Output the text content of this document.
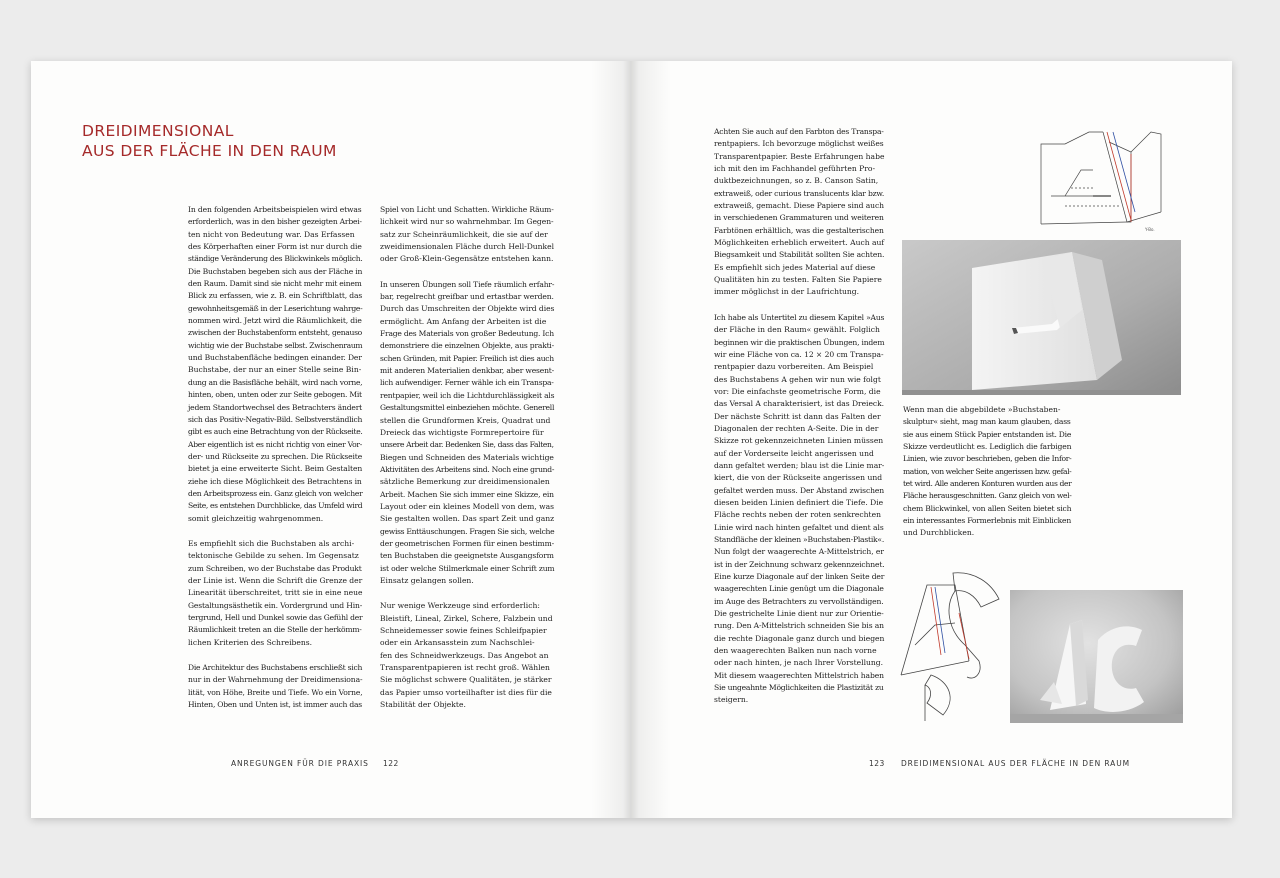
DREIDIMENSIONAL
AUS DER FLÄCHE IN DEN RAUM

In den folgenden Arbeitsbeispielen wird etwas
erforderlich, was in den bisher gezeigten Arbei-
ten nicht von Bedeutung war. Das Erfassen
des Körperhaften einer Form ist nur durch die
ständige Veränderung des Blickwinkels möglich.
Die Buchstaben begeben sich aus der Fläche in
den Raum. Damit sind sie nicht mehr mit einem
Blick zu erfassen, wie z. B. ein Schriftblatt, das
gewohnheitsgemäß in der Leserichtung wahrge-
nommen wird. Jetzt wird die Räumlichkeit, die
zwischen der Buchstabenform entsteht, genauso
wichtig wie der Buchstabe selbst. Zwischenraum
und Buchstabenfläche bedingen einander. Der
Buchstabe, der nur an einer Stelle seine Bin-
dung an die Basisfläche behält, wird nach vorne,
hinten, oben, unten oder zur Seite gebogen. Mit
jedem Standortwechsel des Betrachters ändert
sich das Positiv-Negativ-Bild. Selbstverständlich
gibt es auch eine Betrachtung von der Rückseite.
Aber eigentlich ist es nicht richtig von einer Vor-
der- und Rückseite zu sprechen. Die Rückseite
bietet ja eine erweiterte Sicht. Beim Gestalten
ziehe ich diese Möglichkeit des Betrachtens in
den Arbeitsprozess ein. Ganz gleich von welcher
Seite, es entstehen Durchblicke, das Umfeld wird
somit gleichzeitig wahrgenommen.

Es empfiehlt sich die Buchstaben als archi-
tektonische Gebilde zu sehen. Im Gegensatz
zum Schreiben, wo der Buchstabe das Produkt
der Linie ist. Wenn die Schrift die Grenze der
Linearität überschreitet, tritt sie in eine neue
Gestaltungsästhetik ein. Vordergrund und Hin-
tergrund, Hell und Dunkel sowie das Gefühl der
Räumlichkeit treten an die Stelle der herkömm-
lichen Kriterien des Schreibens.

Die Architektur des Buchstabens erschließt sich
nur in der Wahrnehmung der Dreidimensiona-
lität, von Höhe, Breite und Tiefe. Wo ein Vorne,
Hinten, Oben und Unten ist, ist immer auch das

Spiel von Licht und Schatten. Wirkliche Räum-
lichkeit wird nur so wahrnehmbar. Im Gegen-
satz zur Scheinräumlichkeit, die sie auf der
zweidimensionalen Fläche durch Hell-Dunkel
oder Groß-Klein-Gegensätze entstehen kann.

In unseren Übungen soll Tiefe räumlich erfahr-
bar, regelrecht greifbar und ertastbar werden.
Durch das Umschreiten der Objekte wird dies
ermöglicht. Am Anfang der Arbeiten ist die
Frage des Materials von großer Bedeutung. Ich
demonstriere die einzelnen Objekte, aus prakti-
schen Gründen, mit Papier. Freilich ist dies auch
mit anderen Materialien denkbar, aber wesent-
lich aufwendiger. Ferner wähle ich ein Transpa-
rentpapier, weil ich die Lichtdurchlässigkeit als
Gestaltungsmittel einbeziehen möchte. Generell
stellen die Grundformen Kreis, Quadrat und
Dreieck das wichtigste Formrepertoire für
unsere Arbeit dar. Bedenken Sie, dass das Falten,
Biegen und Schneiden des Materials wichtige
Aktivitäten des Arbeitens sind. Noch eine grund-
sätzliche Bemerkung zur dreidimensionalen
Arbeit. Machen Sie sich immer eine Skizze, ein
Layout oder ein kleines Modell von dem, was
Sie gestalten wollen. Das spart Zeit und ganz
gewiss Enttäuschungen. Fragen Sie sich, welche
der geometrischen Formen für einen bestimm-
ten Buchstaben die geeignetste Ausgangsform
ist oder welche Stilmerkmale einer Schrift zum
Einsatz gelangen sollen.

Nur wenige Werkzeuge sind erforderlich:
Bleistift, Lineal, Zirkel, Schere, Falzbein und
Schneidemesser sowie feines Schleifpapier
oder ein Arkansasstein zum Nachschlei-
fen des Schneidwerkzeugs. Das Angebot an
Transparentpapieren ist recht groß. Wählen
Sie möglichst schwere Qualitäten, je stärker
das Papier umso vorteilhafter ist dies für die
Stabilität der Objekte.

Achten Sie auch auf den Farbton des Transpa-
rentpapiers. Ich bevorzuge möglichst weißes
Transparentpapier. Beste Erfahrungen habe
ich mit den im Fachhandel geführten Pro-
duktbezeichnungen, so z. B. Canson Satin,
extraweiß, oder curious translucents klar bzw.
extraweiß, gemacht. Diese Papiere sind auch
in verschiedenen Grammaturen und weiteren
Farbtönen erhältlich, was die gestalterischen
Möglichkeiten erheblich erweitert. Auch auf
Biegsamkeit und Stabilität sollten Sie achten.
Es empfiehlt sich jedes Material auf diese
Qualitäten hin zu testen. Falten Sie Papiere
immer möglichst in der Laufrichtung.

Ich habe als Untertitel zu diesem Kapitel »Aus
der Fläche in den Raum« gewählt. Folglich
beginnen wir die praktischen Übungen, indem
wir eine Fläche von ca. 12 × 20 cm Transpa-
rentpapier dazu vorbereiten. Am Beispiel
des Buchstabens A gehen wir nun wie folgt
vor: Die einfachste geometrische Form, die
das Versal A charakterisiert, ist das Dreieck.
Der nächste Schritt ist dann das Falten der
Diagonalen der rechten A-Seite. Die in der
Skizze rot gekennzeichneten Linien müssen
auf der Vorderseite leicht angerissen und
dann gefaltet werden; blau ist die Linie mar-
kiert, die von der Rückseite angerissen und
gefaltet werden muss. Der Abstand zwischen
diesen beiden Linien definiert die Tiefe. Die
Fläche rechts neben der roten senkrechten
Linie wird nach hinten gefaltet und dient als
Standfläche der kleinen »Buchstaben-Plastik«.
Nun folgt der waagerechte A-Mittelstrich, er
ist in der Zeichnung schwarz gekennzeichnet.
Eine kurze Diagonale auf der linken Seite der
waagerechten Linie genügt um die Diagonale
im Auge des Betrachters zu vervollständigen.
Die gestrichelte Linie dient nur zur Orientie-
rung. Den A-Mittelstrich schneiden Sie bis an
die rechte Diagonale ganz durch und biegen
den waagerechten Balken nun nach vorne
oder nach hinten, je nach Ihrer Vorstellung.
Mit diesem waagerechten Mittelstrich haben
Sie ungeahnte Möglichkeiten die Plastizität zu
steigern.

Wenn man die abgebildete »Buchstaben-
skulptur« sieht, mag man kaum glauben, dass
sie aus einem Stück Papier entstanden ist. Die
Skizze verdeutlicht es. Lediglich die farbigen
Linien, wie zuvor beschrieben, geben die Infor-
mation, von welcher Seite angerissen bzw. gefal-
tet wird. Alle anderen Konturen wurden aus der
Fläche herausgeschnitten. Ganz gleich von wel-
chem Blickwinkel, von allen Seiten bietet sich
ein interessantes Formerlebnis mit Einblicken
und Durchblicken.

Y-Bo.
ANREGUNGEN FÜR DIE PRAXIS 122	123 DREIDIMENSIONAL AUS DER FLÄCHE IN DEN RAUM
